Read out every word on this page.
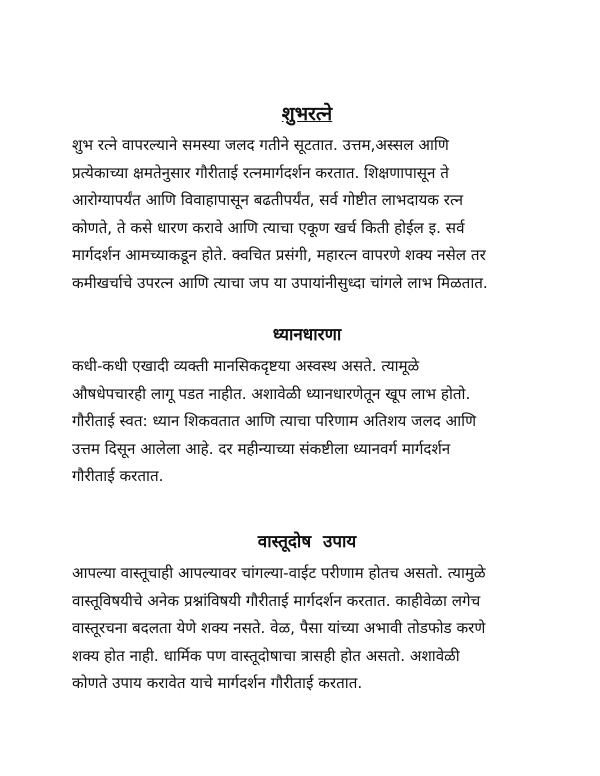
शुभरत्ने

शुभ रत्ने वापरल्याने समस्या जलद गतीने सूटतात. उत्तम,अस्सल आणि
प्रत्येकाच्या क्षमतेनुसार गौरीताई रत्नमार्गदर्शन करतात. शिक्षणापासून ते
आरोग्यापर्यंत आणि विवाहापासून बढतीपर्यंत, सर्व गोष्टीत लाभदायक रत्न
कोणते, ते कसे धारण करावे आणि त्याचा एकूण खर्च किती होईल इ. सर्व
मार्गदर्शन आमच्याकडून होते. क्वचित प्रसंगी, महारत्न वापरणे शक्य नसेल तर
कमीखर्चाचे उपरत्न आणि त्याचा जप या उपायांनीसुध्दा चांगले लाभ मिळतात.

ध्यानधारणा

कधी-कधी एखादी व्यक्ती मानसिकदृष्टया अस्वस्थ असते. त्यामूळे
औषधेपचारही लागू पडत नाहीत. अशावेळी ध्यानधारणेतून खूप लाभ होतो.
गौरीताई स्वत: ध्यान शिकवतात आणि त्याचा परिणाम अतिशय जलद आणि
उत्तम दिसून आलेला आहे. दर महीन्याच्या संकष्टीला ध्यानवर्ग मार्गदर्शन
गौरीताई करतात.

वास्तूदोष  उपाय

आपल्या वास्तूचाही आपल्यावर चांगल्या-वाईट परीणाम होतच असतो. त्यामुळे
वास्तूविषयीचे अनेक प्रश्नांविषयी गौरीताई मार्गदर्शन करतात. काहीवेळा लगेच
वास्तूरचना बदलता येणे शक्य नसते. वेळ, पैसा यांच्या अभावी तोडफोड करणे
शक्य होत नाही. धार्मिक पण वास्तूदोषाचा त्रासही होत असतो. अशावेळी
कोणते उपाय करावेत याचे मार्गदर्शन गौरीताई करतात.
